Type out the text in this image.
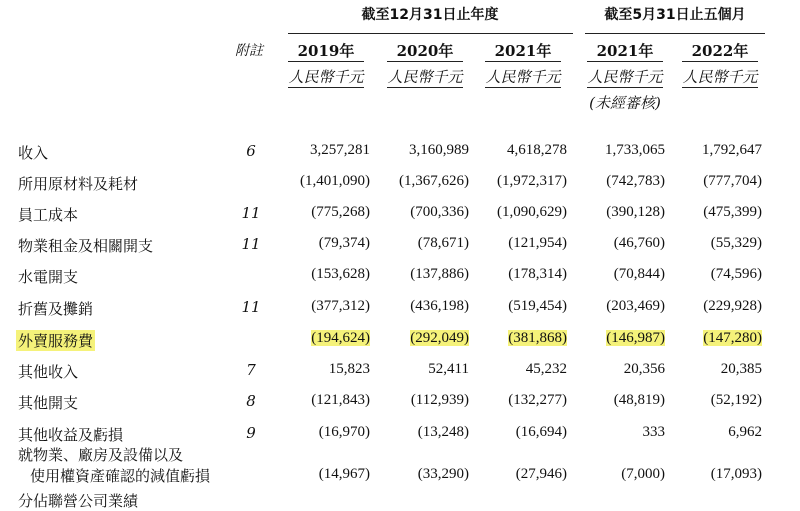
截至12月31日止年度	截至5月31日止五個月
附註	2019年	2020年	2021年	2021年	2022年
人民幣千元	人民幣千元	人民幣千元	人民幣千元	人民幣千元
(未經審核)
收入	6	3,257,281	3,160,989	4,618,278	1,733,065	1,792,647
所用原材料及耗材	(1,401,090)	(1,367,626)	(1,972,317)	(742,783)	(777,704)
員工成本	11	(775,268)	(700,336)	(1,090,629)	(390,128)	(475,399)
物業租金及相關開支	11	(79,374)	(78,671)	(121,954)	(46,760)	(55,329)
水電開支	(153,628)	(137,886)	(178,314)	(70,844)	(74,596)
折舊及攤銷	11	(377,312)	(436,198)	(519,454)	(203,469)	(229,928)
外賣服務費	(194,624)	(292,049)	(381,868)	(146,987)	(147,280)
其他收入	7	15,823	52,411	45,232	20,356	20,385
其他開支	8	(121,843)	(112,939)	(132,277)	(48,819)	(52,192)
其他收益及虧損	9	(16,970)	(13,248)	(16,694)	333	6,962
就物業、廠房及設備以及
使用權資產確認的減值虧損	(14,967)	(33,290)	(27,946)	(7,000)	(17,093)
分佔聯營公司業績
